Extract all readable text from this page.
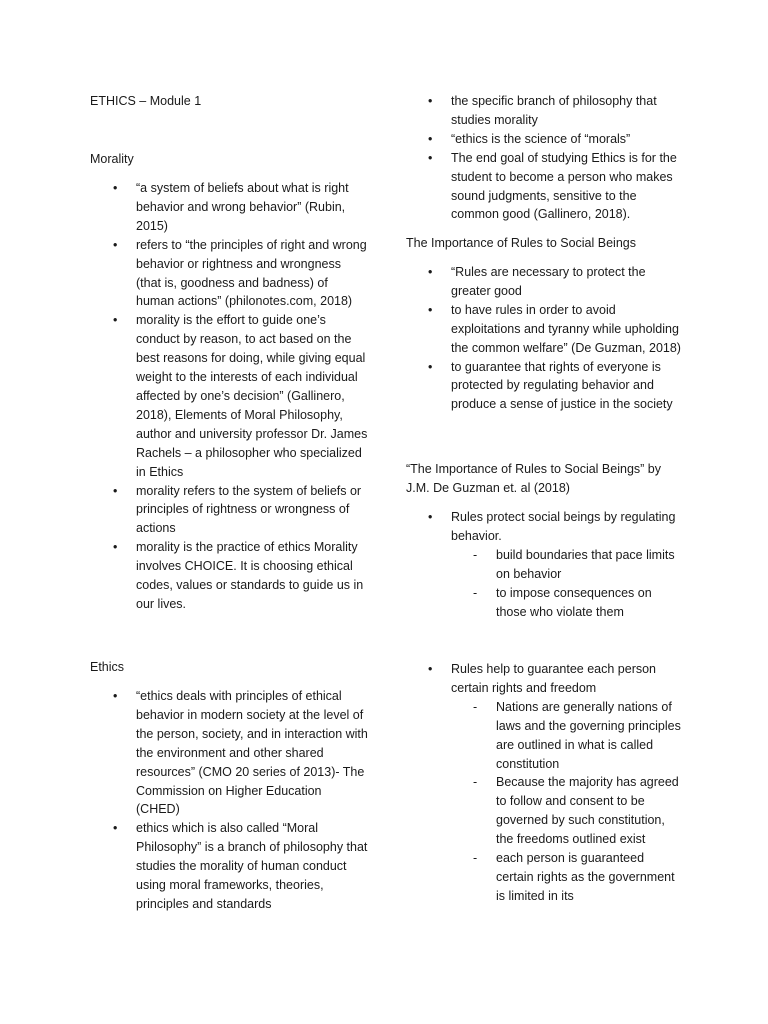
ETHICS – Module 1
Morality
• “a system of beliefs about what is right behavior and wrong behavior” (Rubin, 2015)
• refers to “the principles of right and wrong behavior or rightness and wrongness (that is, goodness and badness) of human actions” (philonotes.com, 2018)
• morality is the effort to guide one’s conduct by reason, to act based on the best reasons for doing, while giving equal weight to the interests of each individual affected by one’s decision” (Gallinero, 2018), Elements of Moral Philosophy, author and university professor Dr. James Rachels – a philosopher who specialized in Ethics
• morality refers to the system of beliefs or principles of rightness or wrongness of actions
• morality is the practice of ethics Morality involves CHOICE. It is choosing ethical codes, values or standards to guide us in our lives.
Ethics
• “ethics deals with principles of ethical behavior in modern society at the level of the person, society, and in interaction with the environment and other shared resources” (CMO 20 series of 2013)- The Commission on Higher Education (CHED)
• ethics which is also called “Moral Philosophy” is a branch of philosophy that studies the morality of human conduct using moral frameworks, theories, principles and standards
• the specific branch of philosophy that studies morality
• “ethics is the science of “morals”
• The end goal of studying Ethics is for the student to become a person who makes sound judgments, sensitive to the common good (Gallinero, 2018).
The Importance of Rules to Social Beings
• “Rules are necessary to protect the greater good
• to have rules in order to avoid exploitations and tyranny while upholding the common welfare” (De Guzman, 2018)
• to guarantee that rights of everyone is protected by regulating behavior and produce a sense of justice in the society
“The Importance of Rules to Social Beings” by J.M. De Guzman et. al (2018)
• Rules protect social beings by regulating behavior.
- build boundaries that pace limits on behavior
- to impose consequences on those who violate them
• Rules help to guarantee each person certain rights and freedom
- Nations are generally nations of laws and the governing principles are outlined in what is called constitution
- Because the majority has agreed to follow and consent to be governed by such constitution, the freedoms outlined exist
- each person is guaranteed certain rights as the government is limited in its
